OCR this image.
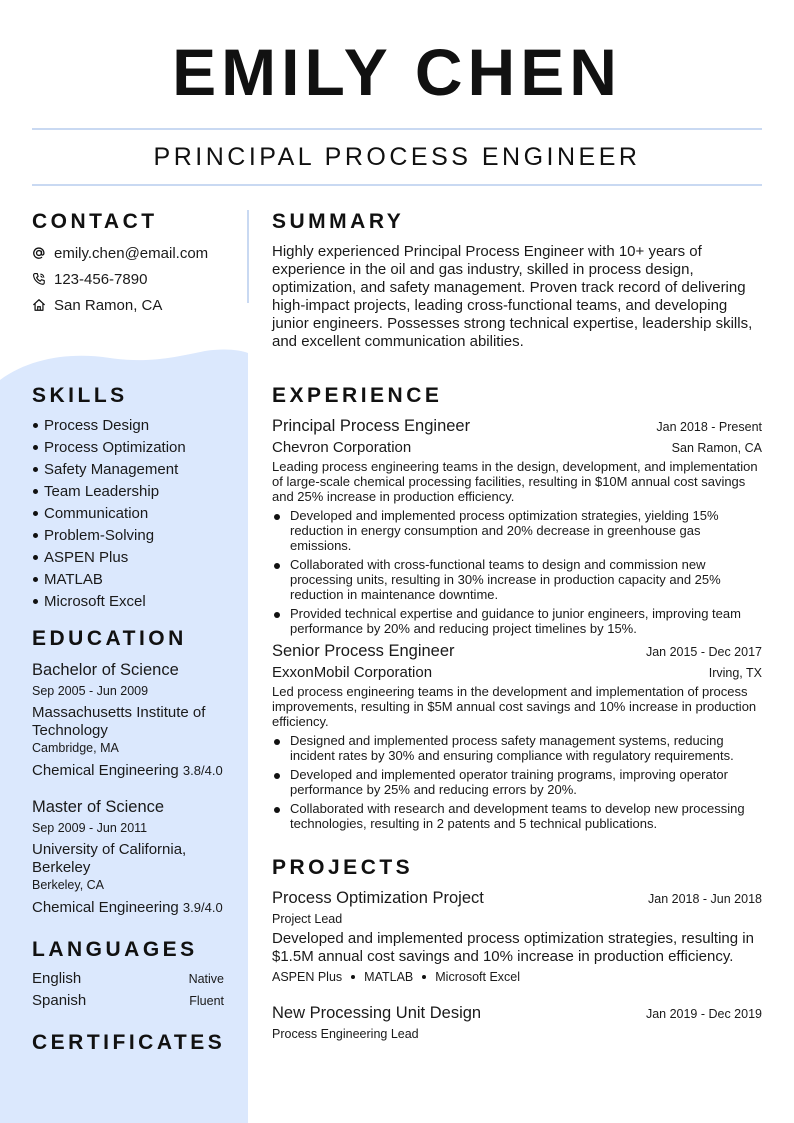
EMILY CHEN
PRINCIPAL PROCESS ENGINEER
CONTACT
emily.chen@email.com
123-456-7890
San Ramon, CA
SKILLS
Process Design
Process Optimization
Safety Management
Team Leadership
Communication
Problem-Solving
ASPEN Plus
MATLAB
Microsoft Excel
EDUCATION
Bachelor of Science
Sep 2005 - Jun 2009
Massachusetts Institute of Technology
Cambridge, MA
Chemical Engineering 3.8/4.0
Master of Science
Sep 2009 - Jun 2011
University of California, Berkeley
Berkeley, CA
Chemical Engineering 3.9/4.0
LANGUAGES
English	Native
Spanish	Fluent
CERTIFICATES
SUMMARY

Highly experienced Principal Process Engineer with 10+ years of experience in the oil and gas industry, skilled in process design, optimization, and safety management. Proven track record of delivering high-impact projects, leading cross-functional teams, and developing junior engineers. Possesses strong technical expertise, leadership skills, and excellent communication abilities.

EXPERIENCE
Principal Process Engineer	Jan 2018 - Present
Chevron Corporation	San Ramon, CA

Leading process engineering teams in the design, development, and implementation of large-scale chemical processing facilities, resulting in $10M annual cost savings and 25% increase in production efficiency.

Developed and implemented process optimization strategies, yielding 15% reduction in energy consumption and 20% decrease in greenhouse gas emissions.
Collaborated with cross-functional teams to design and commission new processing units, resulting in 30% increase in production capacity and 25% reduction in maintenance downtime.
Provided technical expertise and guidance to junior engineers, improving team performance by 20% and reducing project timelines by 15%.
Senior Process Engineer	Jan 2015 - Dec 2017
ExxonMobil Corporation	Irving, TX

Led process engineering teams in the development and implementation of process improvements, resulting in $5M annual cost savings and 10% increase in production efficiency.

Designed and implemented process safety management systems, reducing incident rates by 30% and ensuring compliance with regulatory requirements.
Developed and implemented operator training programs, improving operator performance by 25% and reducing errors by 20%.
Collaborated with research and development teams to develop new processing technologies, resulting in 2 patents and 5 technical publications.
PROJECTS
Process Optimization Project	Jan 2018 - Jun 2018
Project Lead
Developed and implemented process optimization strategies, resulting in $1.5M annual cost savings and 10% increase in production efficiency.
ASPEN Plus MATLAB Microsoft Excel
New Processing Unit Design	Jan 2019 - Dec 2019
Process Engineering Lead
